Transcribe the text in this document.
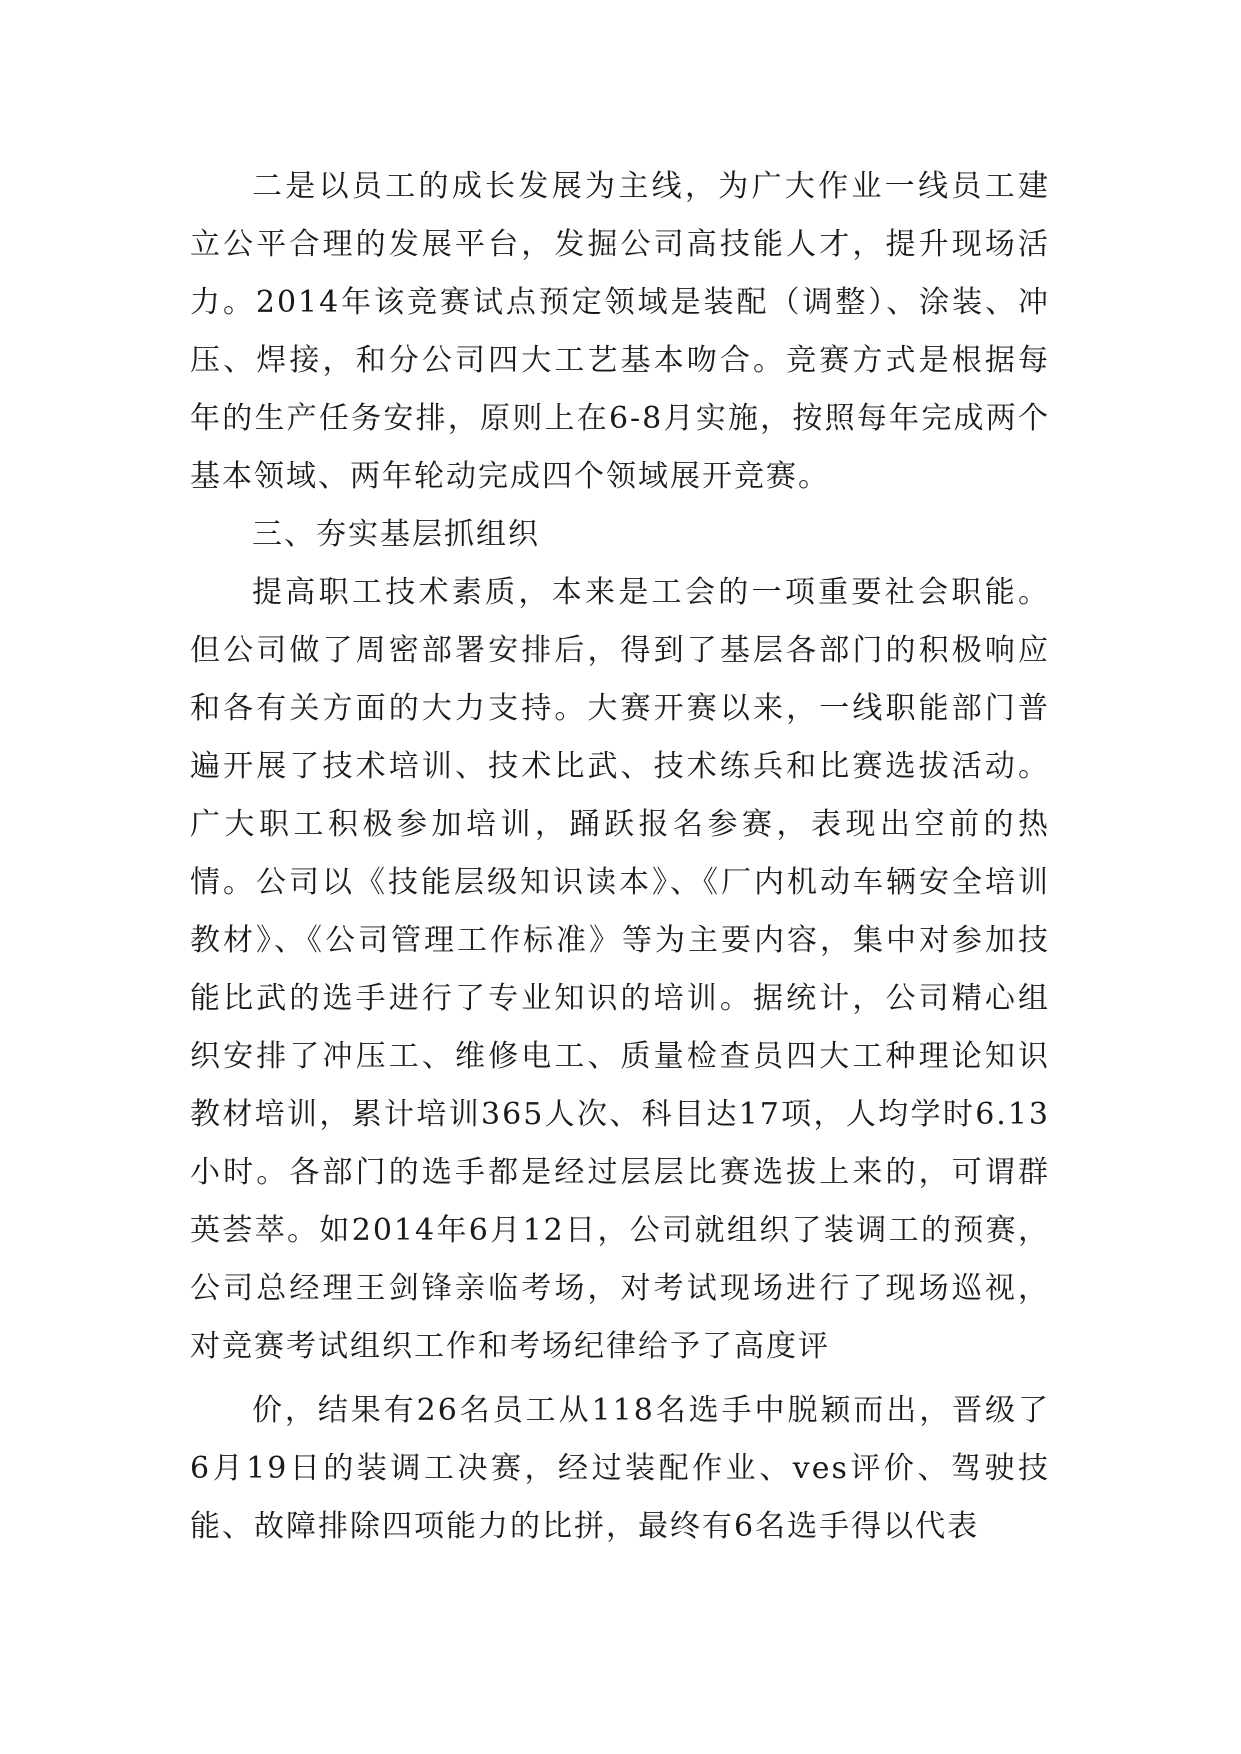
二是以员工的成长发展为主线，为广大作业一线员工建立公平合理的发展平台，发掘公司高技能人才，提升现场活力。2014年该竞赛试点预定领域是装配（调整）、涂装、冲压、焊接，和分公司四大工艺基本吻合。竞赛方式是根据每年的生产任务安排，原则上在6-8月实施，按照每年完成两个基本领域、两年轮动完成四个领域展开竞赛。

三、夯实基层抓组织

提高职工技术素质，本来是工会的一项重要社会职能。但公司做了周密部署安排后，得到了基层各部门的积极响应和各有关方面的大力支持。大赛开赛以来，一线职能部门普遍开展了技术培训、技术比武、技术练兵和比赛选拔活动。广大职工积极参加培训，踊跃报名参赛，表现出空前的热情。公司以《技能层级知识读本》、《厂内机动车辆安全培训教材》、《公司管理工作标准》等为主要内容，集中对参加技能比武的选手进行了专业知识的培训。据统计，公司精心组织安排了冲压工、维修电工、质量检查员四大工种理论知识教材培训，累计培训365人次、科目达17项，人均学时6.13小时。各部门的选手都是经过层层比赛选拔上来的，可谓群英荟萃。如2014年6月12日，公司就组织了装调工的预赛，公司总经理王剑锋亲临考场，对考试现场进行了现场巡视，对竞赛考试组织工作和考场纪律给予了高度评

价，结果有26名员工从118名选手中脱颖而出，晋级了6月19日的装调工决赛，经过装配作业、ves评价、驾驶技能、故障排除四项能力的比拼，最终有6名选手得以代表
